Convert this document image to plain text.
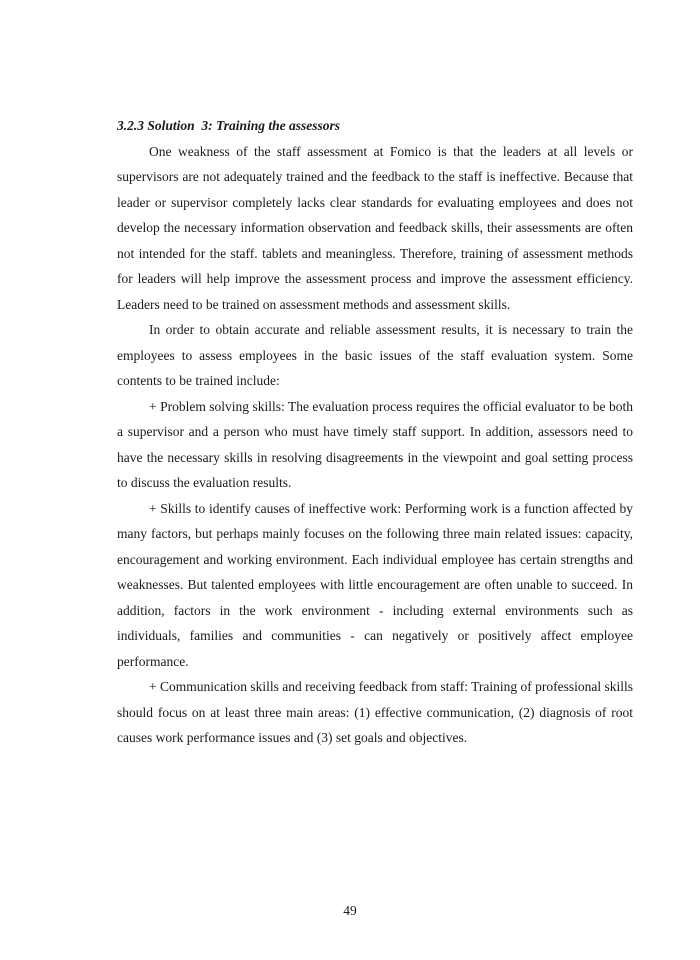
3.2.3 Solution  3: Training the assessors

One weakness of the staff assessment at Fomico is that the leaders at all levels or supervisors are not adequately trained and the feedback to the staff is ineffective. Because that leader or supervisor completely lacks clear standards for evaluating employees and does not develop the necessary information observation and feedback skills, their assessments are often not intended for the staff. tablets and meaningless. Therefore, training of assessment methods for leaders will help improve the assessment process and improve the assessment efficiency. Leaders need to be trained on assessment methods and assessment skills.

In order to obtain accurate and reliable assessment results, it is necessary to train the employees to assess employees in the basic issues of the staff evaluation system. Some contents to be trained include:

+ Problem solving skills: The evaluation process requires the official evaluator to be both a supervisor and a person who must have timely staff support. In addition, assessors need to have the necessary skills in resolving disagreements in the viewpoint and goal setting process to discuss the evaluation results.

+ Skills to identify causes of ineffective work: Performing work is a function affected by many factors, but perhaps mainly focuses on the following three main related issues: capacity, encouragement and working environment. Each individual employee has certain strengths and weaknesses. But talented employees with little encouragement are often unable to succeed. In addition, factors in the work environment - including external environments such as individuals, families and communities - can negatively or positively affect employee performance.

+ Communication skills and receiving feedback from staff: Training of professional skills should focus on at least three main areas: (1) effective communication, (2) diagnosis of root causes work performance issues and (3) set goals and objectives.

49
